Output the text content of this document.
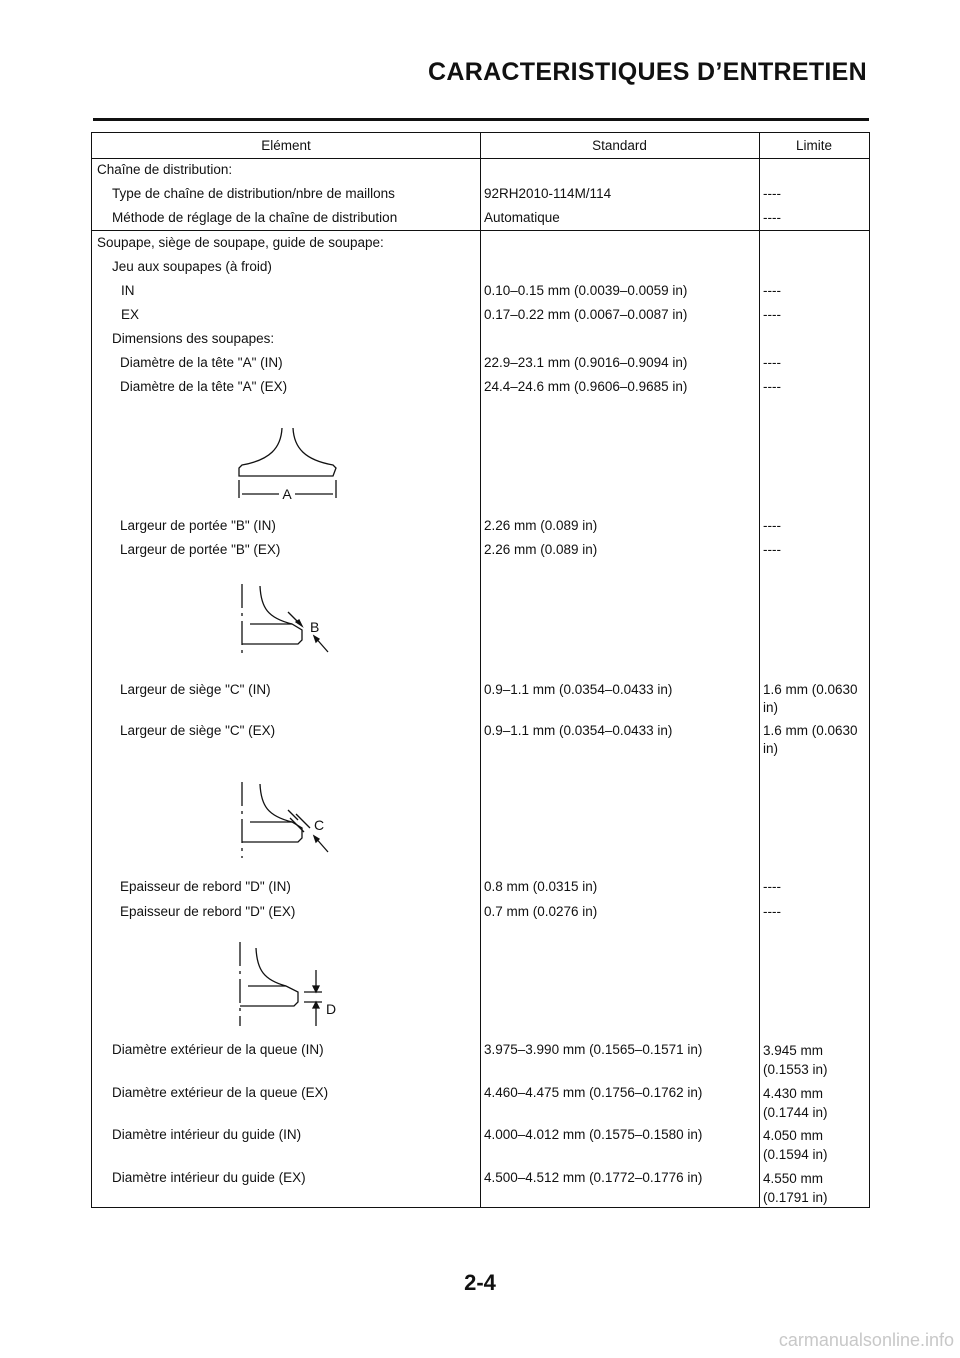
CARACTERISTIQUES D’ENTRETIEN
Elément	Standard	Limite
Chaîne de distribution:
Type de chaîne de distribution/nbre de maillons	92RH2010-114M/114	----
Méthode de réglage de la chaîne de distribution	Automatique	----
Soupape, siège de soupape, guide de soupape:
Jeu aux soupapes (à froid)
IN	0.10–0.15 mm (0.0039–0.0059 in)	----
EX	0.17–0.22 mm (0.0067–0.0087 in)	----
Dimensions des soupapes:
Diamètre de la tête "A" (IN)	22.9–23.1 mm (0.9016–0.9094 in)	----
Diamètre de la tête "A" (EX)	24.4–24.6 mm (0.9606–0.9685 in)	----
Largeur de portée "B" (IN)	2.26 mm (0.089 in)	----
Largeur de portée "B" (EX)	2.26 mm (0.089 in)	----
Largeur de siège "C" (IN)	0.9–1.1 mm (0.0354–0.0433 in)	1.6 mm (0.0630 in)
Largeur de siège "C" (EX)	0.9–1.1 mm (0.0354–0.0433 in)	1.6 mm (0.0630 in)
Epaisseur de rebord "D" (IN)	0.8 mm (0.0315 in)	----
Epaisseur de rebord "D" (EX)	0.7 mm (0.0276 in)	----
Diamètre extérieur de la queue (IN)	3.975–3.990 mm (0.1565–0.1571 in)	3.945 mm
(0.1553 in)
Diamètre extérieur de la queue (EX)	4.460–4.475 mm (0.1756–0.1762 in)	4.430 mm
(0.1744 in)
Diamètre intérieur du guide (IN)	4.000–4.012 mm (0.1575–0.1580 in)	4.050 mm
(0.1594 in)
Diamètre intérieur du guide (EX)	4.500–4.512 mm (0.1772–0.1776 in)	4.550 mm
(0.1791 in)
A
B
C
D
2-4
carmanualsonline.info
